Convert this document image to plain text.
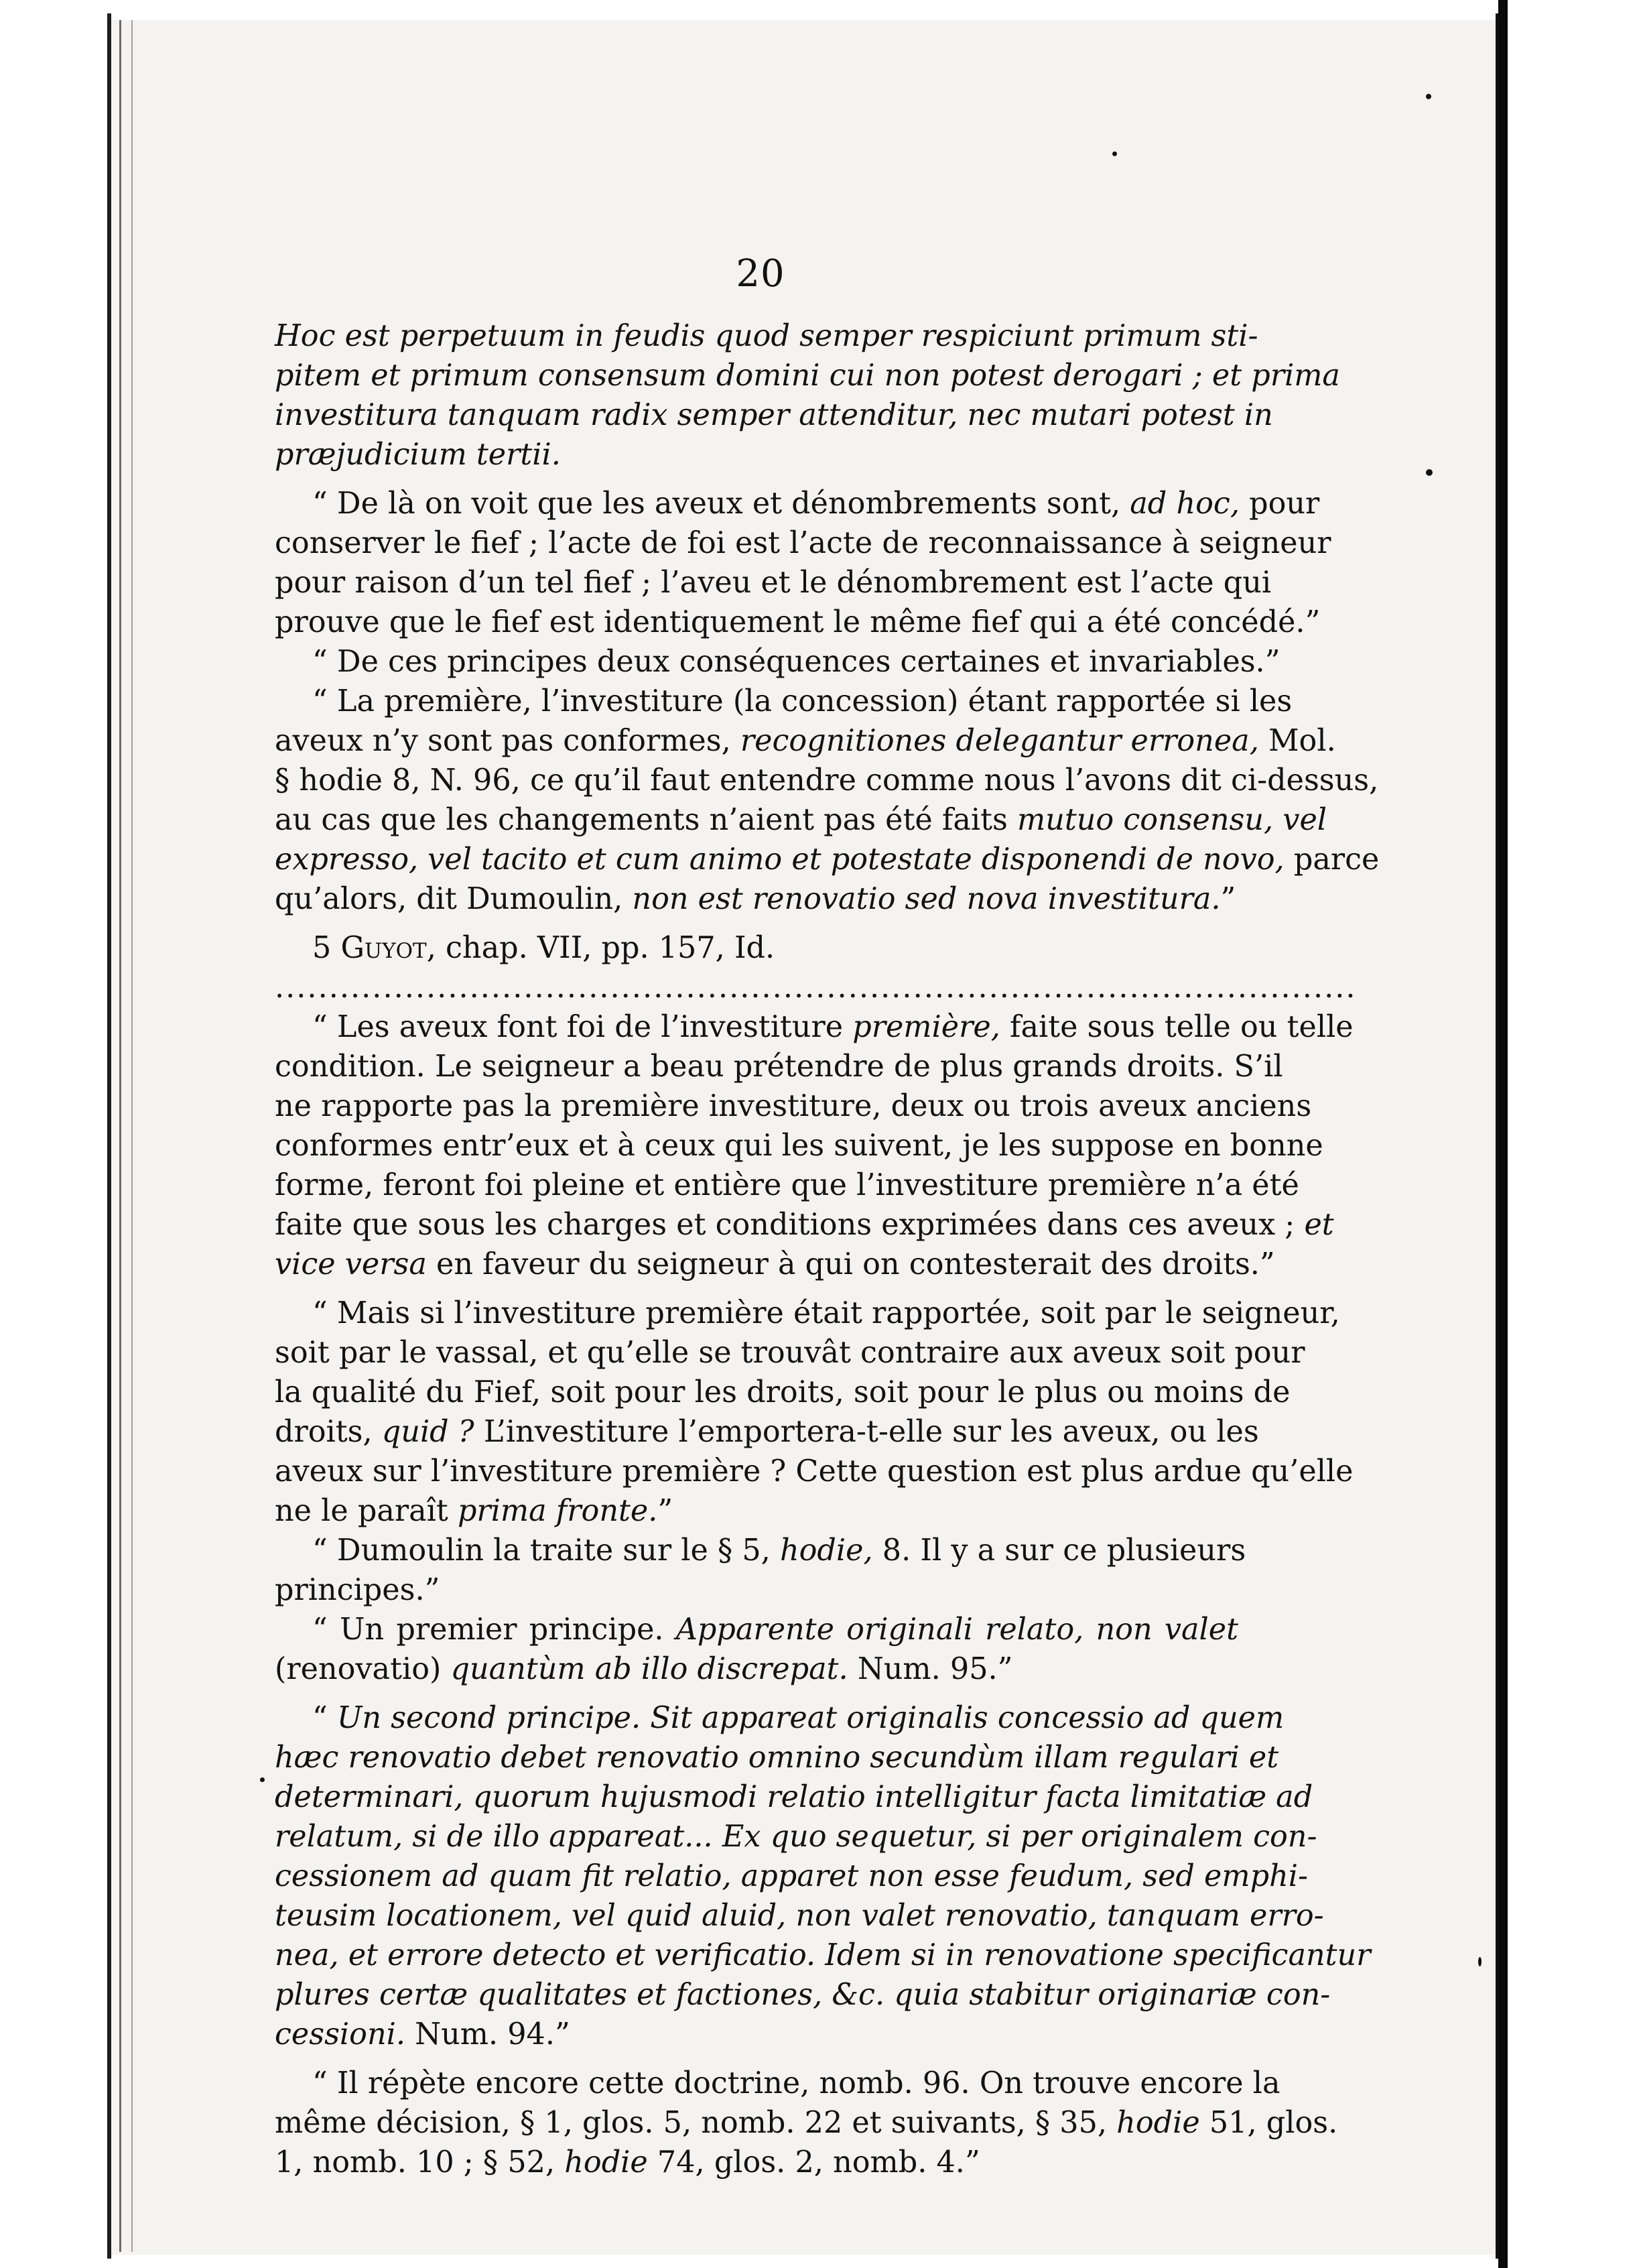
20
Hoc est perpetuum in feudis quod semper respiciunt primum sti-
pitem et primum consensum domini cui non potest derogari ; et prima
investitura tanquam radix semper attenditur, nec mutari potest in
præjudicium tertii.
“ De là on voit que les aveux et dénombrements sont, ad hoc, pour
conserver le fief ; l’acte de foi est l’acte de reconnaissance à seigneur
pour raison d’un tel fief ; l’aveu et le dénombrement est l’acte qui
prouve que le fief est identiquement le même fief qui a été concédé.”
“ De ces principes deux conséquences certaines et invariables.”
“ La première, l’investiture (la concession) étant rapportée si les
aveux n’y sont pas conformes, recognitiones delegantur erronea, Mol.
§ hodie 8, N. 96, ce qu’il faut entendre comme nous l’avons dit ci-dessus,
au cas que les changements n’aient pas été faits mutuo consensu, vel
expresso, vel tacito et cum animo et potestate disponendi de novo, parce
qu’alors, dit Dumoulin, non est renovatio sed nova investitura.”
5 Guyot, chap. VII, pp. 157, Id.
....................................................................................................
“ Les aveux font foi de l’investiture première, faite sous telle ou telle
condition. Le seigneur a beau prétendre de plus grands droits. S’il
ne rapporte pas la première investiture, deux ou trois aveux anciens
conformes entr’eux et à ceux qui les suivent, je les suppose en bonne
forme, feront foi pleine et entière que l’investiture première n’a été
faite que sous les charges et conditions exprimées dans ces aveux ; et
vice versa en faveur du seigneur à qui on contesterait des droits.”
“ Mais si l’investiture première était rapportée, soit par le seigneur,
soit par le vassal, et qu’elle se trouvât contraire aux aveux soit pour
la qualité du Fief, soit pour les droits, soit pour le plus ou moins de
droits, quid ? L’investiture l’emportera-t-elle sur les aveux, ou les
aveux sur l’investiture première ? Cette question est plus ardue qu’elle
ne le paraît prima fronte.”
“ Dumoulin la traite sur le § 5, hodie, 8. Il y a sur ce plusieurs
principes.”
“ Un premier principe. Apparente originali relato, non valet
(renovatio) quantùm ab illo discrepat. Num. 95.”
“ Un second principe. Sit appareat originalis concessio ad quem
hæc renovatio debet renovatio omnino secundùm illam regulari et
determinari, quorum hujusmodi relatio intelligitur facta limitatiæ ad
relatum, si de illo appareat... Ex quo sequetur, si per originalem con-
cessionem ad quam fit relatio, apparet non esse feudum, sed emphi-
teusim locationem, vel quid aluid, non valet renovatio, tanquam erro-
nea, et errore detecto et verificatio. Idem si in renovatione specificantur
plures certæ qualitates et factiones, &c. quia stabitur originariæ con-
cessioni. Num. 94.”
“ Il répète encore cette doctrine, nomb. 96. On trouve encore la
même décision, § 1, glos. 5, nomb. 22 et suivants, § 35, hodie 51, glos.
1, nomb. 10 ; § 52, hodie 74, glos. 2, nomb. 4.”
